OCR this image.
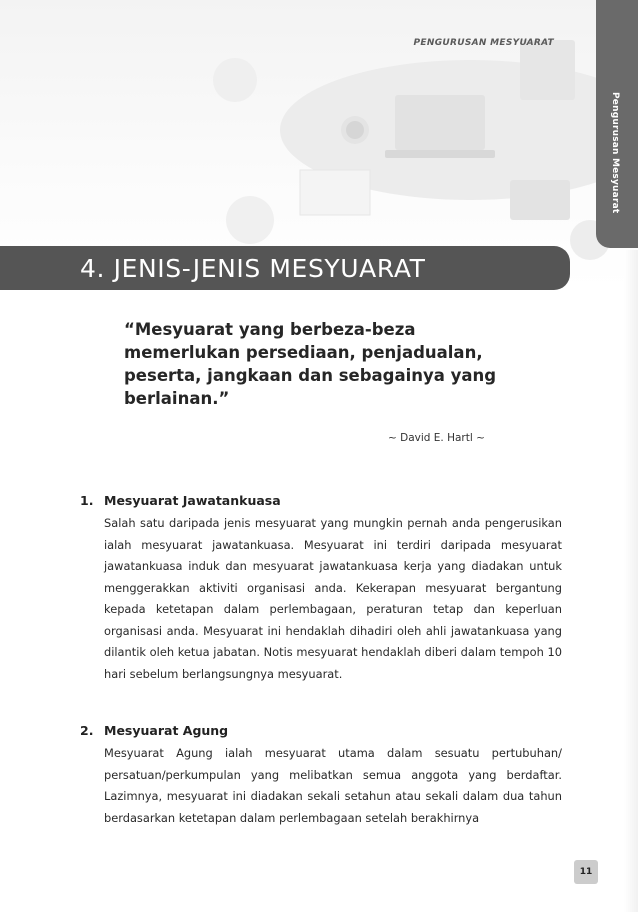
PENGURUSAN MESYUARAT
Pengurusan Mesyuarat
4. JENIS-JENIS MESYUARAT
“Mesyuarat yang berbeza-beza memerlukan persediaan, penjadualan, peserta, jangkaan dan sebagainya yang berlainan.”
~ David E. Hartl ~
1. Mesyuarat Jawatankuasa
Salah satu daripada jenis mesyuarat yang mungkin pernah anda pengerusikan ialah mesyuarat jawatankuasa. Mesyuarat ini terdiri daripada mesyuarat jawatankuasa induk dan mesyuarat jawatankuasa kerja yang diadakan untuk menggerakkan aktiviti organisasi anda. Kekerapan mesyuarat bergantung kepada ketetapan dalam perlembagaan, peraturan tetap dan keperluan organisasi anda. Mesyuarat ini hendaklah dihadiri oleh ahli jawatankuasa yang dilantik oleh ketua jabatan. Notis mesyuarat hendaklah diberi dalam tempoh 10 hari sebelum berlangsungnya mesyuarat.
2. Mesyuarat Agung
Mesyuarat Agung ialah mesyuarat utama dalam sesuatu pertubuhan/ persatuan/perkumpulan yang melibatkan semua anggota yang berdaftar. Lazimnya, mesyuarat ini diadakan sekali setahun atau sekali dalam dua tahun berdasarkan ketetapan dalam perlembagaan setelah berakhirnya
11
